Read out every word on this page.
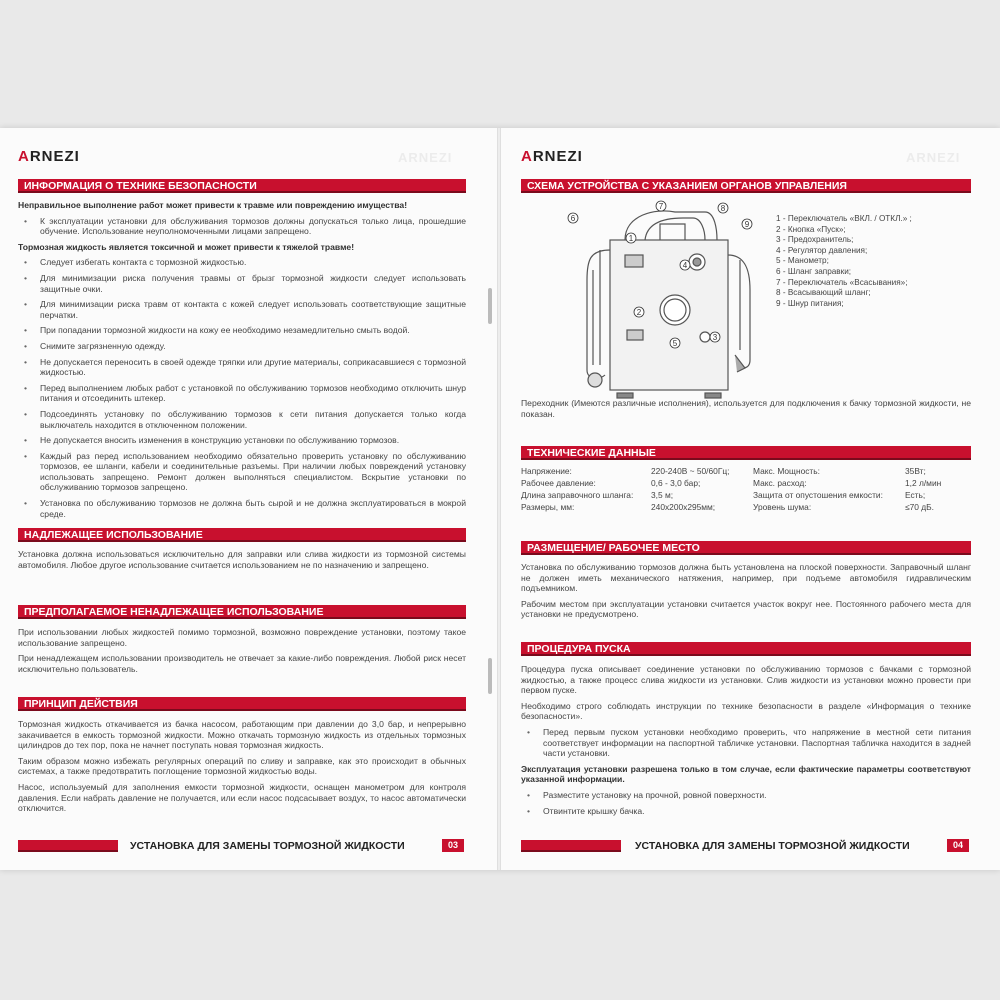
ARNEZI	ARNEZI
ИНФОРМАЦИЯ О ТЕХНИКЕ БЕЗОПАСНОСТИ

Неправильное выполнение работ может привести к травме или повреждению имущества!

• К эксплуатации установки для обслуживания тормозов должны допускаться только лица, прошедшие обучение. Использование неуполномоченными лицами запрещено.

Тормозная жидкость является токсичной и может привести к тяжелой травме!

• Следует избегать контакта с тормозной жидкостью.
• Для минимизации риска получения травмы от брызг тормозной жидкости следует использовать защитные очки.
• Для минимизации риска травм от контакта с кожей следует использовать соответствующие защитные перчатки.
• При попадании тормозной жидкости на кожу ее необходимо незамедлительно смыть водой.
• Снимите загрязненную одежду.
• Не допускается переносить в своей одежде тряпки или другие материалы, соприкасавшиеся с тормозной жидкостью.
• Перед выполнением любых работ с установкой по обслуживанию тормозов необходимо отключить шнур питания и отсоединить штекер.
• Подсоединять установку по обслуживанию тормозов к сети питания допускается только когда выключатель находится в отключенном положении.
• Не допускается вносить изменения в конструкцию установки по обслуживанию тормозов.
• Каждый раз перед использованием необходимо обязательно проверить установку по обслуживанию тормозов, ее шланги, кабели и соединительные разъемы. При наличии любых повреждений установку использовать запрещено. Ремонт должен выполняться специалистом. Вскрытие установки по обслуживанию тормозов запрещено.
• Установка по обслуживанию тормозов не должна быть сырой и не должна эксплуатироваться в мокрой среде.
НАДЛЕЖАЩЕЕ ИСПОЛЬЗОВАНИЕ

Установка должна использоваться исключительно для заправки или слива жидкости из тормозной системы автомобиля. Любое другое использование считается использованием не по назначению и запрещено.

ПРЕДПОЛАГАЕМОЕ НЕНАДЛЕЖАЩЕЕ ИСПОЛЬЗОВАНИЕ

При использовании любых жидкостей помимо тормозной, возможно повреждение установки, поэтому такое использование запрещено.

При ненадлежащем использовании производитель не отвечает за какие-либо повреждения. Любой риск несет исключительно пользователь.

ПРИНЦИП ДЕЙСТВИЯ

Тормозная жидкость откачивается из бачка насосом, работающим при давлении до 3,0 бар, и непрерывно закачивается в емкость тормозной жидкости. Можно откачать тормозную жидкость из отдельных тормозных цилиндров до тех пор, пока не начнет поступать новая тормозная жидкость.

Таким образом можно избежать регулярных операций по сливу и заправке, как это происходит в обычных системах, а также предотвратить поглощение тормозной жидкостью воды.

Насос, используемый для заполнения емкости тормозной жидкости, оснащен манометром для контроля давления. Если набрать давление не получается, или если насос подсасывает воздух, то насос автоматически отключится.

УСТАНОВКА ДЛЯ ЗАМЕНЫ ТОРМОЗНОЙ ЖИДКОСТИ	03
ARNEZI	ARNEZI
СХЕМА УСТРОЙСТВА С УКАЗАНИЕМ ОРГАНОВ УПРАВЛЕНИЯ
1
2
3
4
5
6
7	8
9
1 - Переключатель «ВКЛ. / ОТКЛ.» ;
2 - Кнопка «Пуск»;
3 - Предохранитель;
4 - Регулятор давления;
5 - Манометр;
6 - Шланг заправки;
7 - Переключатель «Всасывания»;
8 - Всасывающий шланг;
9 - Шнур питания;

Переходник (Имеются различные исполнения), используется для подключения к бачку тормозной жидкости, не показан.

ТЕХНИЧЕСКИЕ ДАННЫЕ
Напряжение:	220-240В ~ 50/60Гц;	Макс. Мощность:	35Вт;
Рабочее давление:	0,6 - 3,0 бар;	Макс. расход:	1,2 л/мин
Длина заправочного шланга: 3,5 м;	Защита от опустошения емкости:	Есть;
Размеры, мм:	240x200x295мм;	Уровень шума:	≤70 дБ.
РАЗМЕЩЕНИЕ/ РАБОЧЕЕ МЕСТО

Установка по обслуживанию тормозов должна быть установлена на плоской поверхности. Заправочный шланг не должен иметь механического натяжения, например, при подъеме автомобиля гидравлическим подъемником.

Рабочим местом при эксплуатации установки считается участок вокруг нее. Постоянного рабочего места для установки не предусмотрено.

ПРОЦЕДУРА ПУСКА

Процедура пуска описывает соединение установки по обслуживанию тормозов с бачками с тормозной жидкостью, а также процесс слива жидкости из установки. Слив жидкости из установки можно провести при первом пуске.

Необходимо строго соблюдать инструкции по технике безопасности в разделе «Информация о технике безопасности».

• Перед первым пуском установки необходимо проверить, что напряжение в местной сети питания соответствует информации на паспортной табличке установки. Паспортная табличка находится в задней части установки.

Эксплуатация установки разрешена только в том случае, если фактические параметры соответствуют указанной информации.

• Разместите установку на прочной, ровной поверхности.
• Отвинтите крышку бачка.
УСТАНОВКА ДЛЯ ЗАМЕНЫ ТОРМОЗНОЙ ЖИДКОСТИ	04
